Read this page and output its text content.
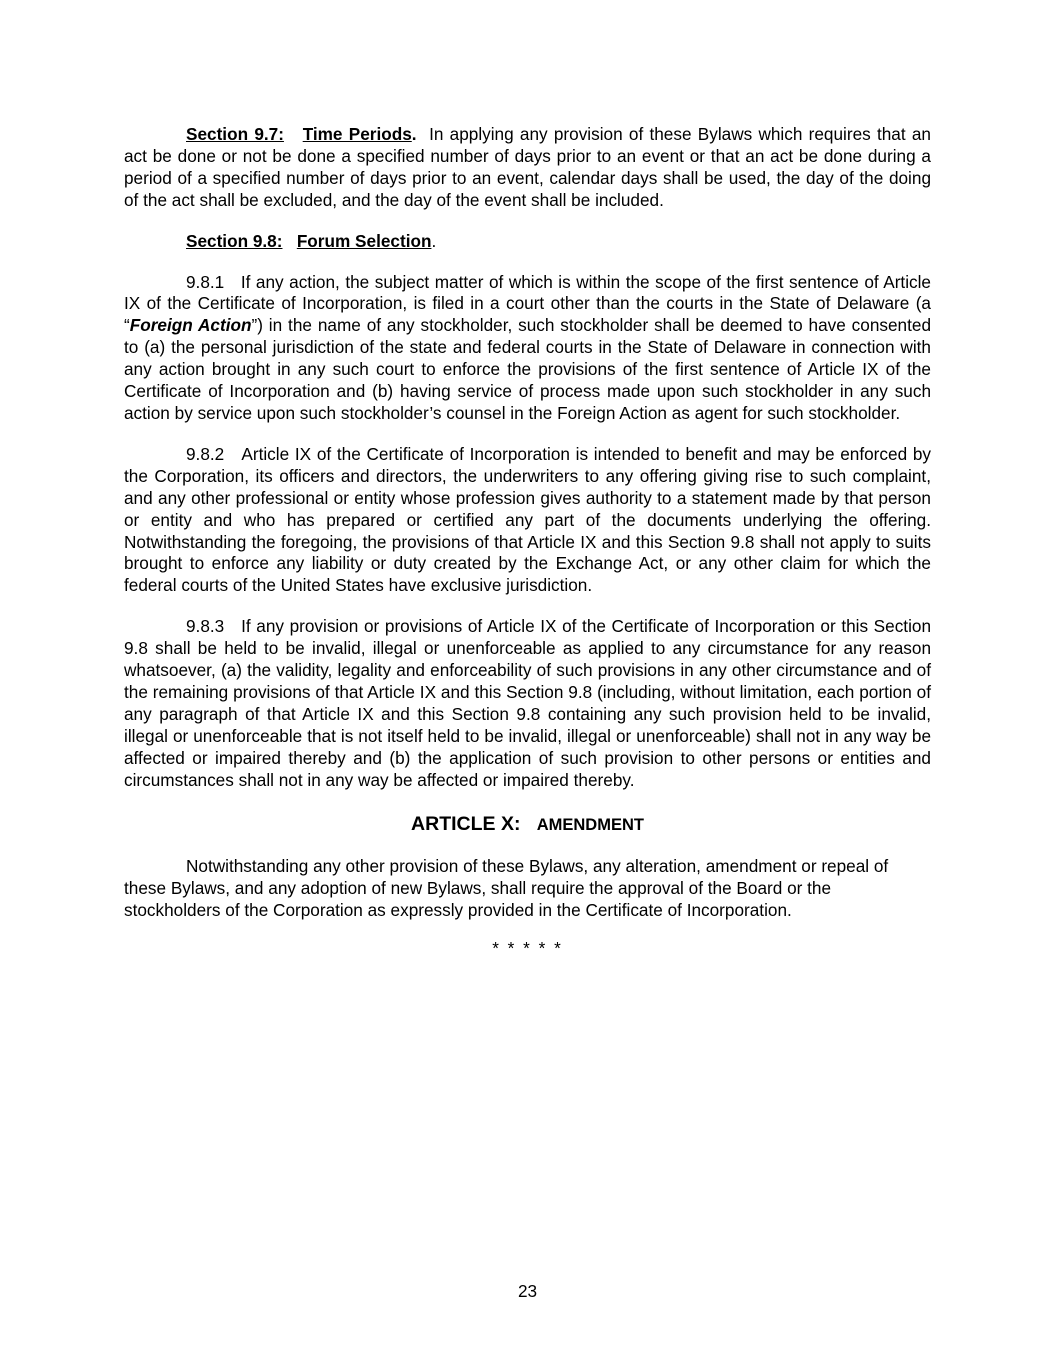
Section 9.7: Time Periods. In applying any provision of these Bylaws which requires that an act be done or not be done a specified number of days prior to an event or that an act be done during a period of a specified number of days prior to an event, calendar days shall be used, the day of the doing of the act shall be excluded, and the day of the event shall be included.

Section 9.8: Forum Selection.

9.8.1 If any action, the subject matter of which is within the scope of the first sentence of Article IX of the Certificate of Incorporation, is filed in a court other than the courts in the State of Delaware (a “Foreign Action”) in the name of any stockholder, such stockholder shall be deemed to have consented to (a) the personal jurisdiction of the state and federal courts in the State of Delaware in connection with any action brought in any such court to enforce the provisions of the first sentence of Article IX of the Certificate of Incorporation and (b) having service of process made upon such stockholder in any such action by service upon such stockholder’s counsel in the Foreign Action as agent for such stockholder.

9.8.2 Article IX of the Certificate of Incorporation is intended to benefit and may be enforced by the Corporation, its officers and directors, the underwriters to any offering giving rise to such complaint, and any other professional or entity whose profession gives authority to a statement made by that person or entity and who has prepared or certified any part of the documents underlying the offering. Notwithstanding the foregoing, the provisions of that Article IX and this Section 9.8 shall not apply to suits brought to enforce any liability or duty created by the Exchange Act, or any other claim for which the federal courts of the United States have exclusive jurisdiction.

9.8.3 If any provision or provisions of Article IX of the Certificate of Incorporation or this Section 9.8 shall be held to be invalid, illegal or unenforceable as applied to any circumstance for any reason whatsoever, (a) the validity, legality and enforceability of such provisions in any other circumstance and of the remaining provisions of that Article IX and this Section 9.8 (including, without limitation, each portion of any paragraph of that Article IX and this Section 9.8 containing any such provision held to be invalid, illegal or unenforceable that is not itself held to be invalid, illegal or unenforceable) shall not in any way be affected or impaired thereby and (b) the application of such provision to other persons or entities and circumstances shall not in any way be affected or impaired thereby.

ARTICLE X: AMENDMENT

Notwithstanding any other provision of these Bylaws, any alteration, amendment or repeal of these Bylaws, and any adoption of new Bylaws, shall require the approval of the Board or the stockholders of the Corporation as expressly provided in the Certificate of Incorporation.

* * * * *

23
